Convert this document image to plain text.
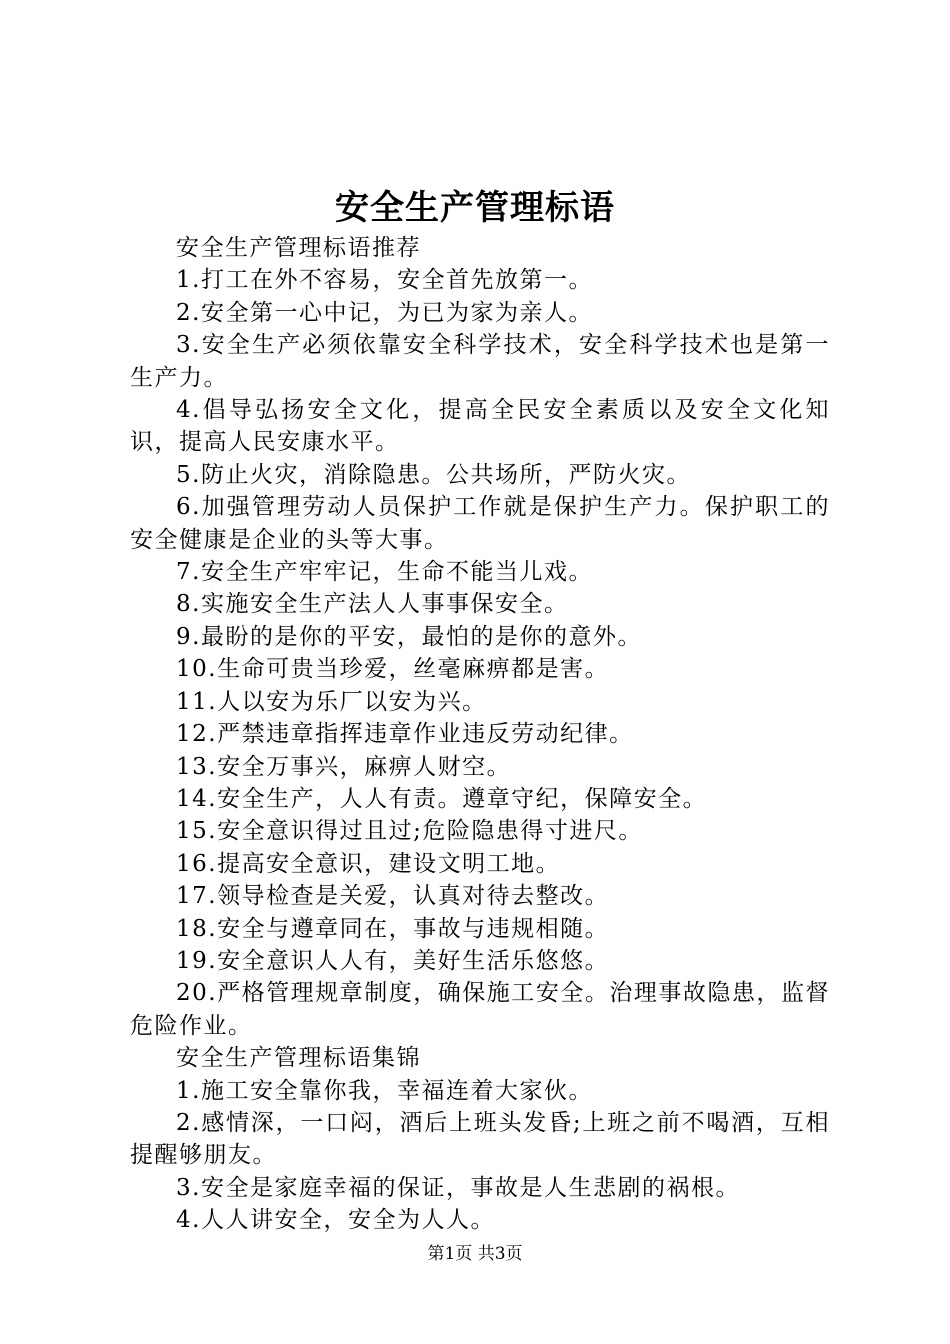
安全生产管理标语

安全生产管理标语推荐

1.打工在外不容易，安全首先放第一。

2.安全第一心中记，为已为家为亲人。

3.安全生产必须依靠安全科学技术，安全科学技术也是第一生产力。

4.倡导弘扬安全文化，提高全民安全素质以及安全文化知识，提高人民安康水平。

5.防止火灾，消除隐患。公共场所，严防火灾。

6.加强管理劳动人员保护工作就是保护生产力。保护职工的安全健康是企业的头等大事。

7.安全生产牢牢记，生命不能当儿戏。

8.实施安全生产法人人事事保安全。

9.最盼的是你的平安，最怕的是你的意外。

10.生命可贵当珍爱，丝毫麻痹都是害。

11.人以安为乐厂以安为兴。

12.严禁违章指挥违章作业违反劳动纪律。

13.安全万事兴，麻痹人财空。

14.安全生产，人人有责。遵章守纪，保障安全。

15.安全意识得过且过;危险隐患得寸进尺。

16.提高安全意识，建设文明工地。

17.领导检查是关爱，认真对待去整改。

18.安全与遵章同在，事故与违规相随。

19.安全意识人人有，美好生活乐悠悠。

20.严格管理规章制度，确保施工安全。治理事故隐患，监督危险作业。

安全生产管理标语集锦

1.施工安全靠你我，幸福连着大家伙。

2.感情深，一口闷，酒后上班头发昏;上班之前不喝酒，互相提醒够朋友。

3.安全是家庭幸福的保证，事故是人生悲剧的祸根。

4.人人讲安全，安全为人人。

第1页 共3页
